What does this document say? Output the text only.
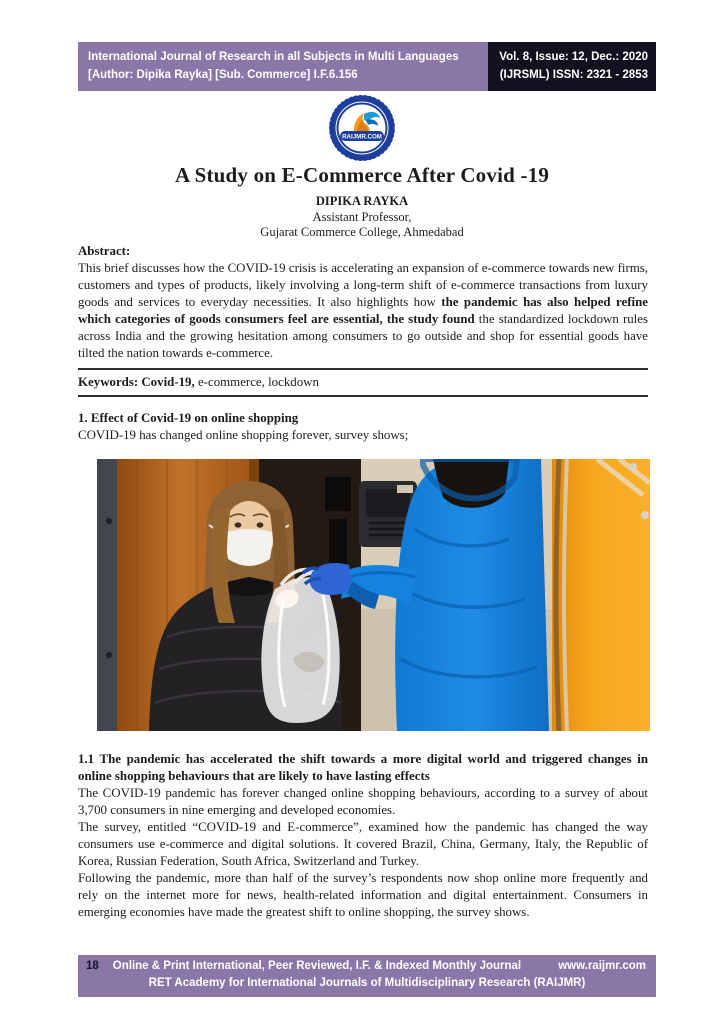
International Journal of Research in all Subjects in Multi Languages
[Author: Dipika Rayka] [Sub. Commerce] I.F.6.156
Vol. 8, Issue: 12, Dec.: 2020
(IJRSML) ISSN: 2321 - 2853
RAIJMR.COM
A Study on E-Commerce After Covid -19
DIPIKA RAYKA
Assistant Professor,
Gujarat Commerce College, Ahmedabad

Abstract:
This brief discusses how the COVID-19 crisis is accelerating an expansion of e-commerce towards new firms, customers and types of products, likely involving a long-term shift of e-commerce transactions from luxury goods and services to everyday necessities. It also highlights how the pandemic has also helped refine which categories of goods consumers feel are essential, the study found the standardized lockdown rules across India and the growing hesitation among consumers to go outside and shop for essential goods have tilted the nation towards e-commerce.

Keywords: Covid-19, e-commerce, lockdown
1. Effect of Covid-19 on online shopping

COVID-19 has changed online shopping forever, survey shows;

1.1 The pandemic has accelerated the shift towards a more digital world and triggered changes in online shopping behaviours that are likely to have lasting effects

The COVID-19 pandemic has forever changed online shopping behaviours, according to a survey of about 3,700 consumers in nine emerging and developed economies.

The survey, entitled “COVID-19 and E-commerce”, examined how the pandemic has changed the way consumers use e-commerce and digital solutions. It covered Brazil, China, Germany, Italy, the Republic of Korea, Russian Federation, South Africa, Switzerland and Turkey.

Following the pandemic, more than half of the survey’s respondents now shop online more frequently and rely on the internet more for news, health-related information and digital entertainment. Consumers in emerging economies have made the greatest shift to online shopping, the survey shows.

18 Online & Print International, Peer Reviewed, I.F. & Indexed Monthly Journal	www.raijmr.com
RET Academy for International Journals of Multidisciplinary Research (RAIJMR)
